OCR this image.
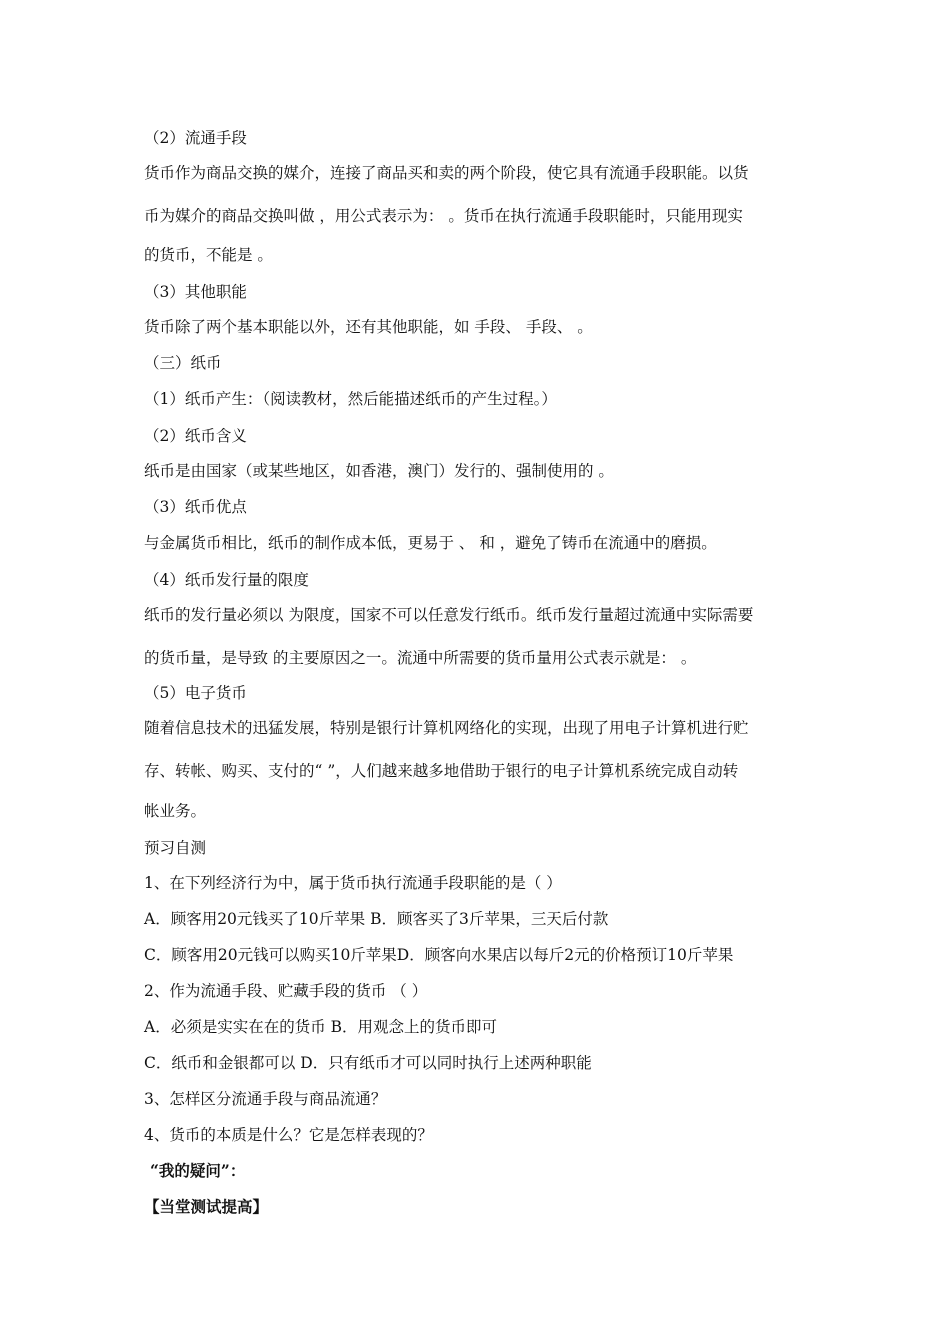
（2）流通手段
货币作为商品交换的媒介，连接了商品买和卖的两个阶段，使它具有流通手段职能。以货
币为媒介的商品交换叫做 ，用公式表示为： 。货币在执行流通手段职能时，只能用现实
的货币，不能是 。
（3）其他职能
货币除了两个基本职能以外，还有其他职能，如 手段、 手段、 。
（三）纸币
（1）纸币产生：（阅读教材，然后能描述纸币的产生过程。）
（2）纸币含义
纸币是由国家（或某些地区，如香港，澳门）发行的、强制使用的 。
（3）纸币优点
与金属货币相比，纸币的制作成本低，更易于 、 和 ，避免了铸币在流通中的磨损。
（4）纸币发行量的限度
纸币的发行量必须以 为限度，国家不可以任意发行纸币。纸币发行量超过流通中实际需要
的货币量，是导致 的主要原因之一。流通中所需要的货币量用公式表示就是： 。
（5）电子货币
随着信息技术的迅猛发展，特别是银行计算机网络化的实现，出现了用电子计算机进行贮
存、转帐、购买、支付的“ ”，人们越来越多地借助于银行的电子计算机系统完成自动转
帐业务。
预习自测
1、在下列经济行为中，属于货币执行流通手段职能的是（ ）
A．顾客用20元钱买了10斤苹果 B．顾客买了3斤苹果，三天后付款
C．顾客用20元钱可以购买10斤苹果D．顾客向水果店以每斤2元的价格预订10斤苹果
2、作为流通手段、贮藏手段的货币 （ ）
A．必须是实实在在的货币 B．用观念上的货币即可
C．纸币和金银都可以 D．只有纸币才可以同时执行上述两种职能
3、怎样区分流通手段与商品流通？
4、货币的本质是什么？它是怎样表现的？
“我的疑问”：
【当堂测试提高】
